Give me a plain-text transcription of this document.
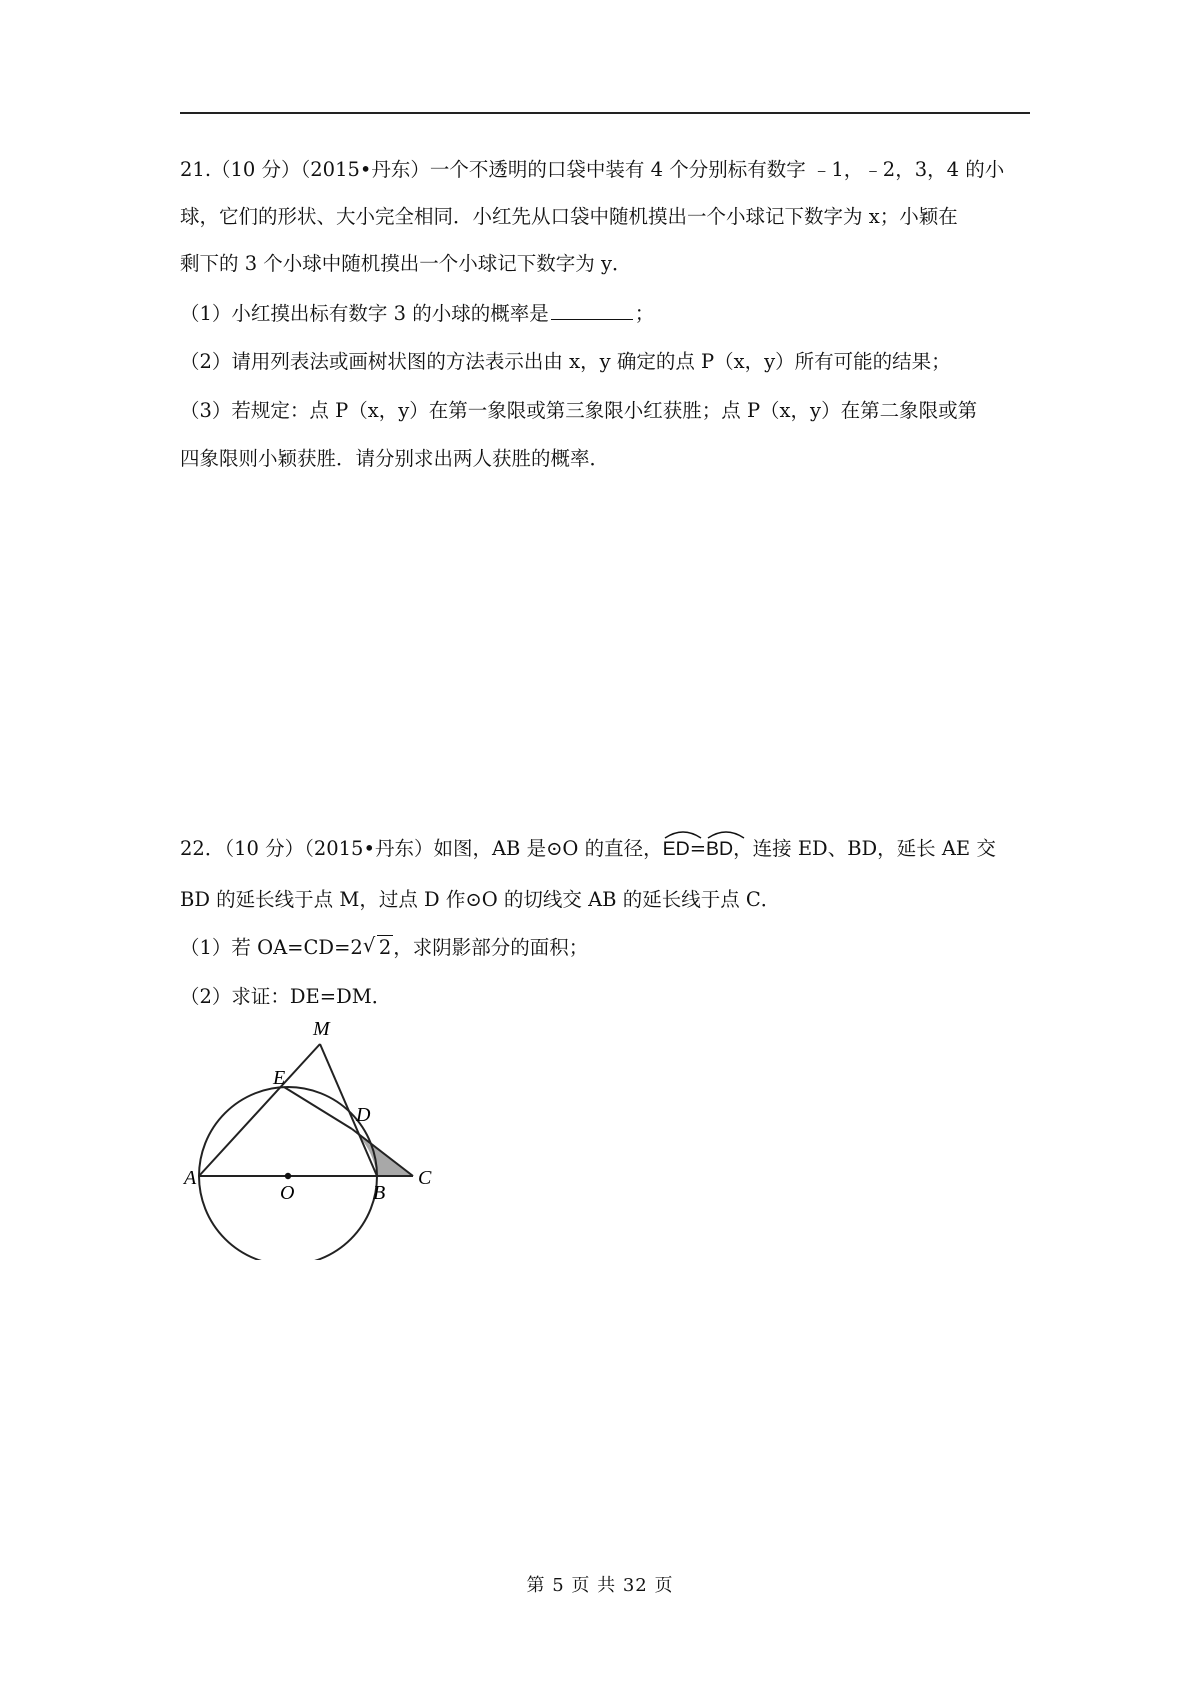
21.（10 分）（2015•丹东）一个不透明的口袋中装有 4 个分别标有数字 ﹣1，﹣2，3，4 的小
球，它们的形状、大小完全相同．小红先从口袋中随机摸出一个小球记下数字为 x；小颖在
剩下的 3 个小球中随机摸出一个小球记下数字为 y．
（1）小红摸出标有数字 3 的小球的概率是	；
（2）请用列表法或画树状图的方法表示出由 x，y 确定的点 P（x，y）所有可能的结果；
（3）若规定：点 P（x，y）在第一象限或第三象限小红获胜；点 P（x，y）在第二象限或第
四象限则小颖获胜．请分别求出两人获胜的概率．
22．（10 分）（2015•丹东）如图，AB 是⊙O 的直径，
ED=
BD，连接 ED、BD，延长 AE 交
BD 的延长线于点 M，过点 D 作⊙O 的切线交 AB 的延长线于点 C．
（1）若 OA=CD=2 √ 2 ，求阴影部分的面积；
（2）求证：DE=DM．
A
O	B
C
D
E
M
第 5 页 共 32 页
